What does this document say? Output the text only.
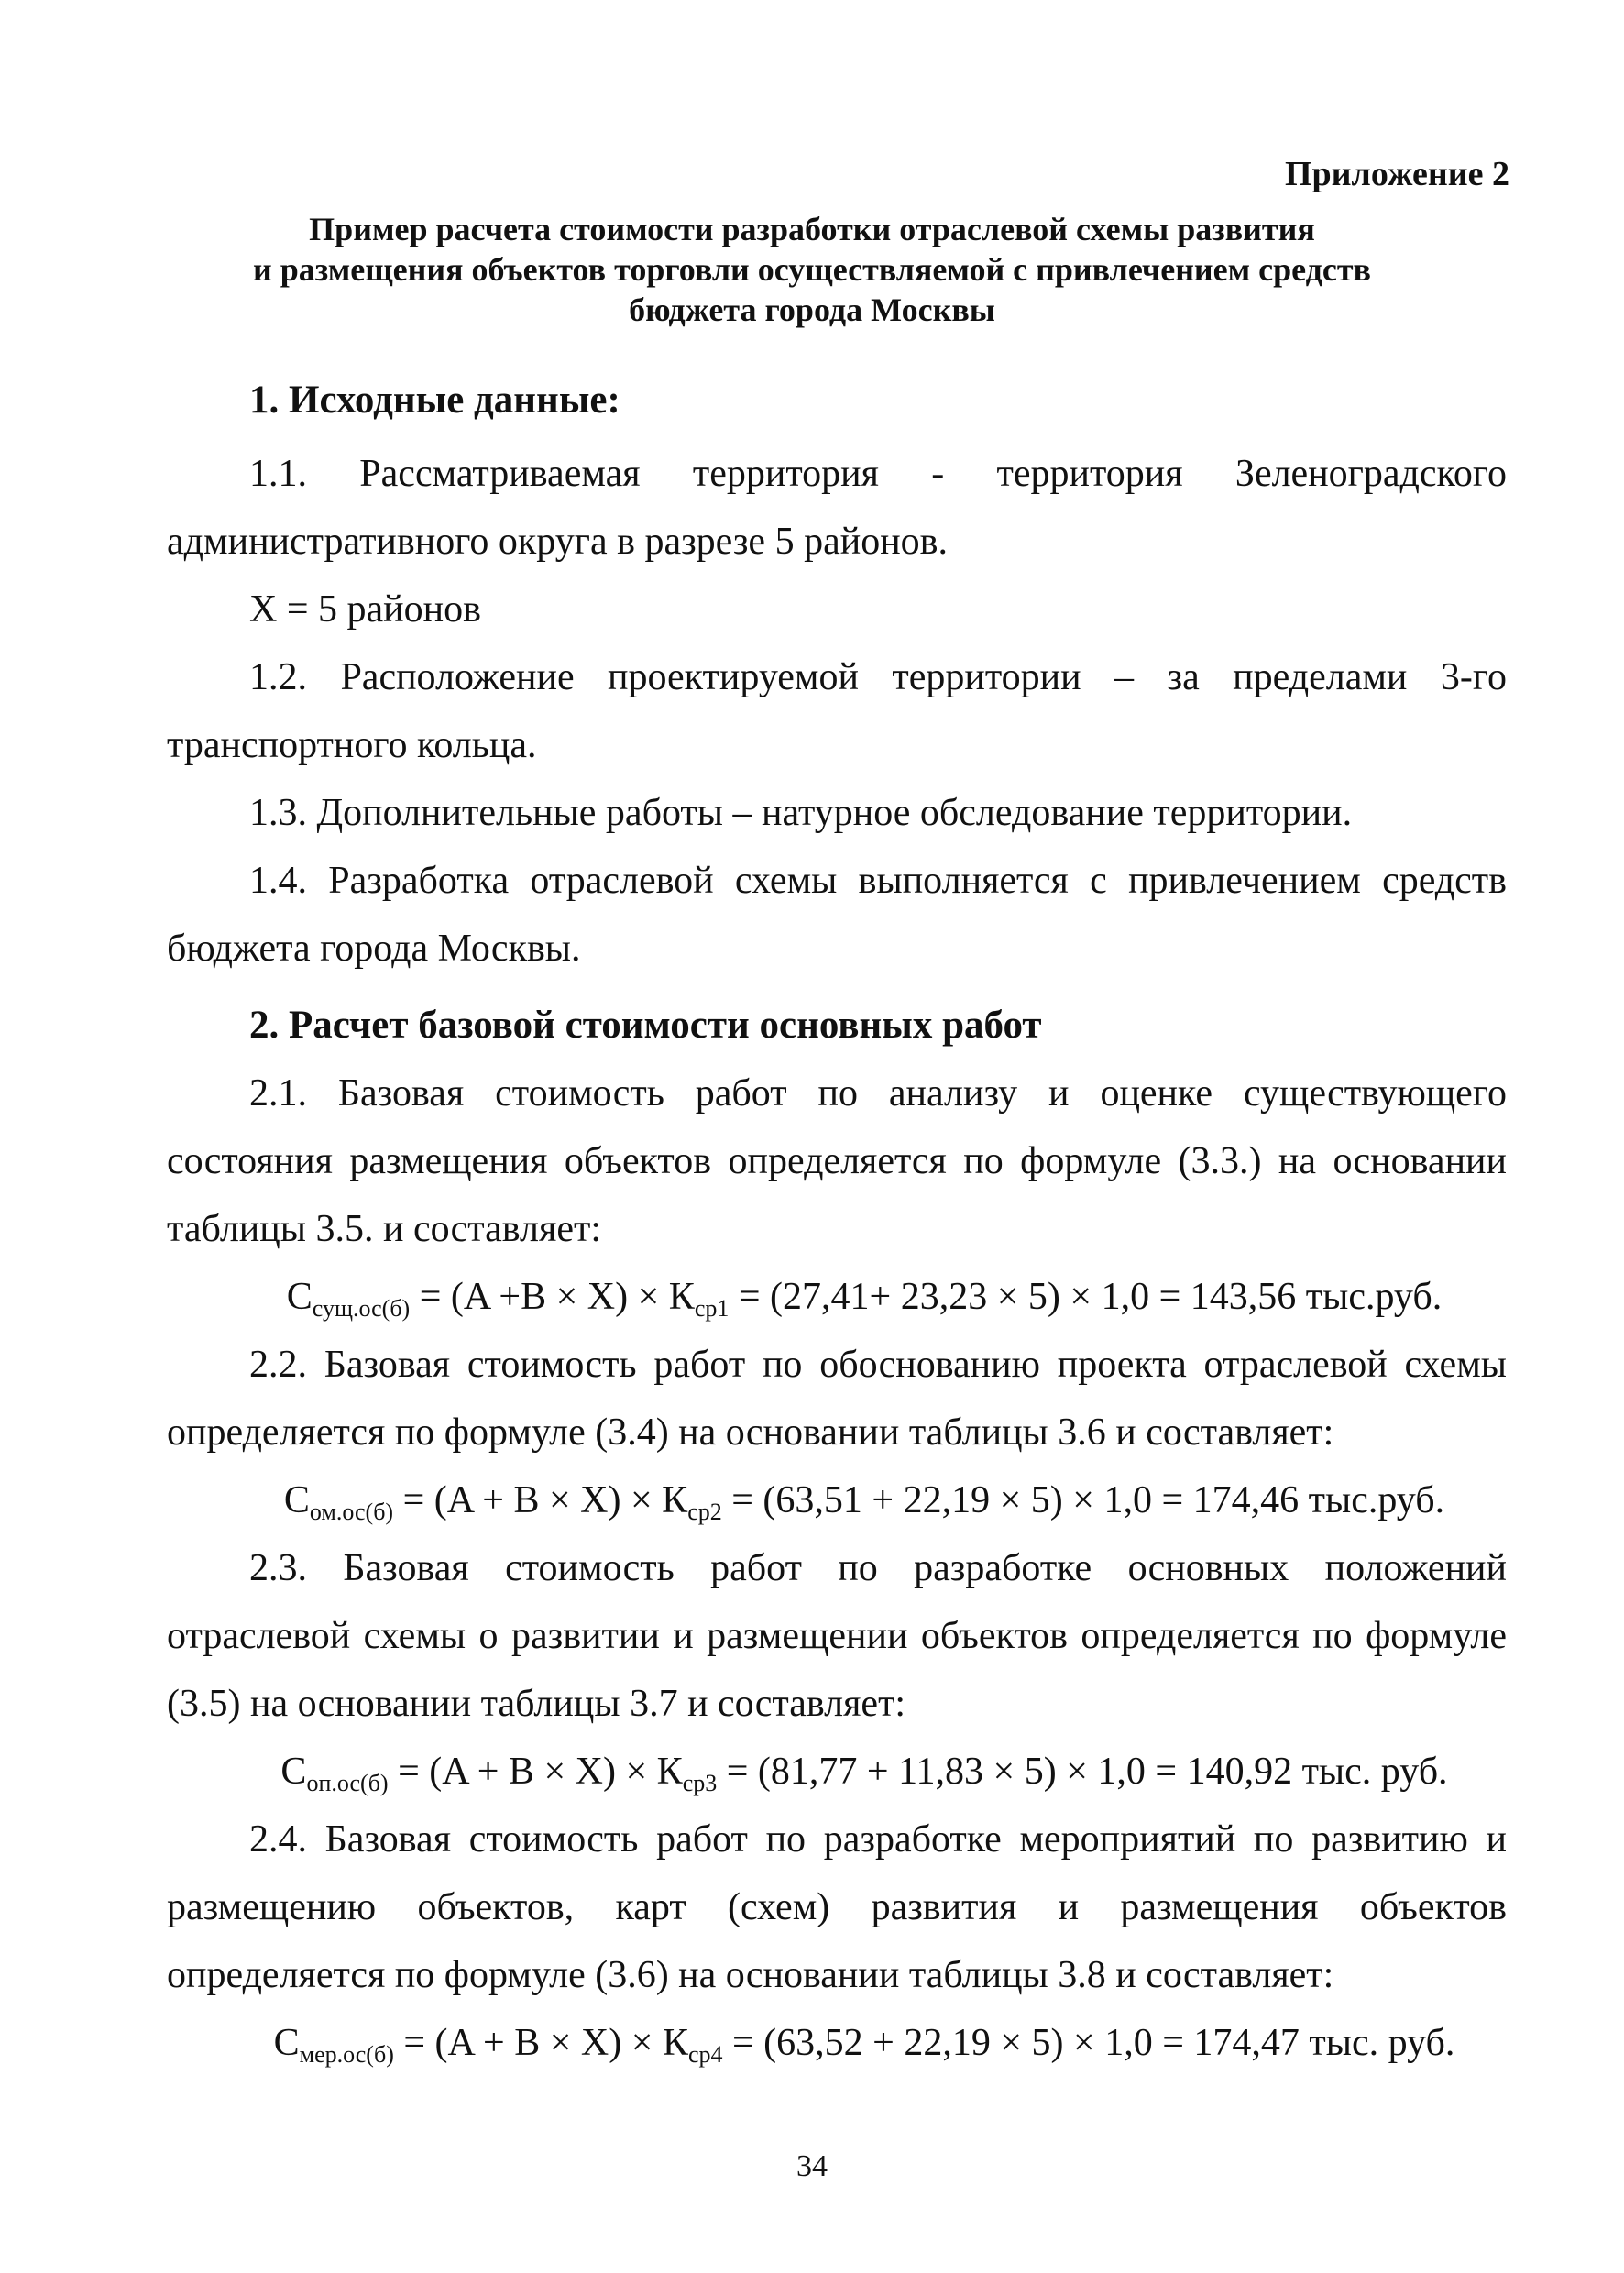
Приложение 2
Пример расчета стоимости разработки отраслевой схемы развития
и размещения объектов торговли осуществляемой с привлечением средств
бюджета города Москвы

1. Исходные данные:

1.1. Рассматриваемая территория - территория Зеленоградского административного округа в разрезе 5 районов.

X = 5 районов

1.2. Расположение проектируемой территории – за пределами 3-го транспортного кольца.

1.3. Дополнительные работы – натурное обследование территории.

1.4. Разработка отраслевой схемы выполняется с привлечением средств бюджета города Москвы.

2. Расчет базовой стоимости основных работ

2.1. Базовая стоимость работ по анализу и оценке существующего состояния размещения объектов определяется по формуле (3.3.) на основании таблицы 3.5. и составляет:

$С_{сущ.ос(б)} = (A +B \times X) \times К_{ср1} = (27,41+ 23,23 \times 5) \times 1,0 = 143,56$ тыс.руб.

2.2. Базовая стоимость работ по обоснованию проекта отраслевой схемы определяется по формуле (3.4) на основании таблицы 3.6 и составляет:

$С_{ом.ос(б)} = (A + B \times X) \times К_{ср2} = (63,51 + 22,19 \times 5) \times 1,0 = 174,46$ тыс.руб.

2.3. Базовая стоимость работ по разработке основных положений отраслевой схемы о развитии и размещении объектов определяется по формуле (3.5) на основании таблицы 3.7 и составляет:

$С_{оп.ос(б)} = (A + B \times X) \times К_{ср3} = (81,77 + 11,83 \times 5) \times 1,0 = 140,92$ тыс. руб.

2.4. Базовая стоимость работ по разработке мероприятий по развитию и размещению объектов, карт (схем) развития и размещения объектов определяется по формуле (3.6) на основании таблицы 3.8 и составляет:

$С_{мер.ос(б)} = (A + B \times X) \times К_{ср4} = (63,52 + 22,19 \times 5) \times 1,0 = 174,47$ тыс. руб.

34
